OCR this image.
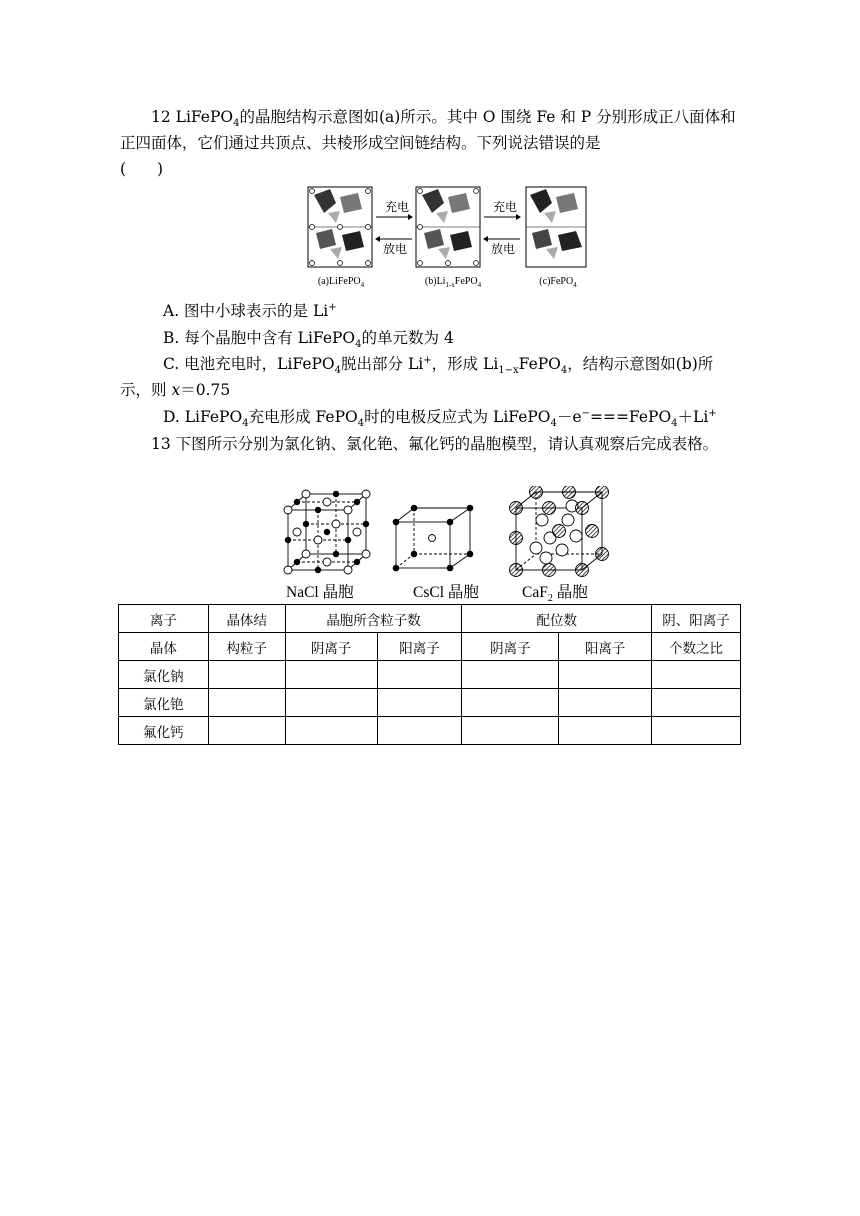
12 LiFePO$_4$的晶胞结构示意图如(a)所示。其中 O 围绕 Fe 和 P 分别形成正八面体和正四面体，它们通过共顶点、共棱形成空间链结构。下列说法错误的是
(　　)

充电
放电
充电
放电
(a)LiFePO$_4$	$(b)Li_{1-x}FePO_4$	(c)FePO$_4$

A. 图中小球表示的是 Li+

B. 每个晶胞中含有 LiFePO$_4$的单元数为 4

C. 电池充电时，LiFePO$_4$脱出部分 Li+，形成 $Li_{1-x}FePO_4$，结构示意图如(b)所示，则 x＝0.75

D. LiFePO$_4$充电形成 FePO$_4$时的电极反应式为 LiFePO$_4$－e−===FePO$_4$＋Li+

13 下图所示分别为氯化钠、氯化铯、氟化钙的晶胞模型，请认真观察后完成表格。

NaCl 晶胞	CsCl 晶胞	CaF$_2$ 晶胞
离子	晶体结	晶胞所含粒子数		配位数		阴、阳离子
晶体	构粒子	阴离子	阳离子	阴离子	阳离子	个数之比
氯化钠						
氯化铯						
氟化钙						
